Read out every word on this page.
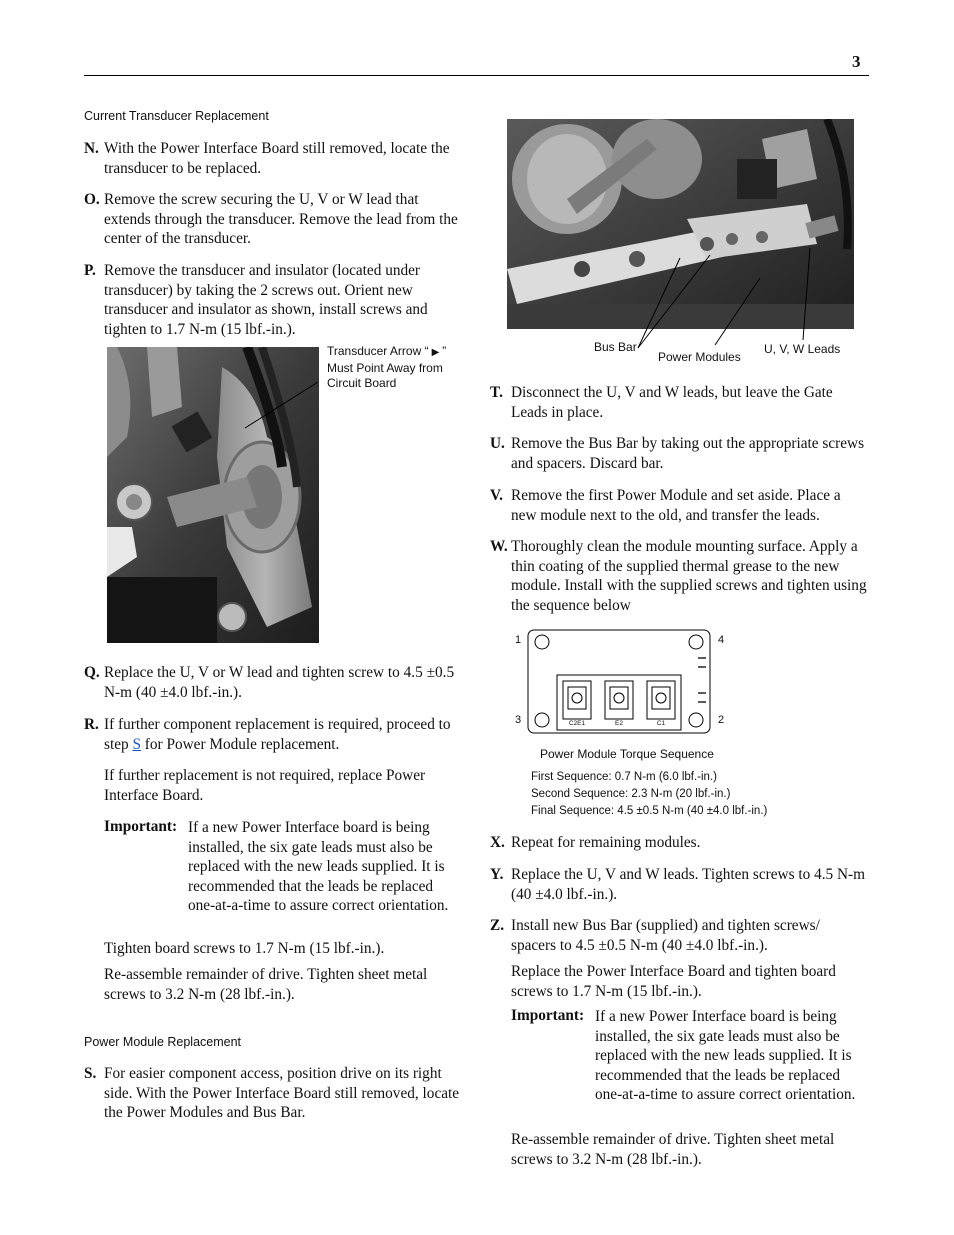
3
Current Transducer Replacement
N. With the Power Interface Board still removed, locate the transducer to be replaced.
O. Remove the screw securing the U, V or W lead that extends through the transducer. Remove the lead from the center of the transducer.
P. Remove the transducer and insulator (located under transducer) by taking the 2 screws out. Orient new transducer and insulator as shown, install screws and tighten to 1.7 N-m (15 lbf.-in.).
Transducer Arrow “ ▶ ”
Must Point Away from
Circuit Board
Q. Replace the U, V or W lead and tighten screw to 4.5 ±0.5 N-m (40 ±4.0 lbf.-in.).
R. If further component replacement is required, proceed to step S for Power Module replacement.
If further replacement is not required, replace Power Interface Board.
Important: If a new Power Interface board is being installed, the six gate leads must also be replaced with the new leads supplied. It is recommended that the leads be replaced one-at-a-time to assure correct orientation.
Tighten board screws to 1.7 N-m (15 lbf.-in.).
Re-assemble remainder of drive. Tighten sheet metal screws to 3.2 N-m (28 lbf.-in.).
Power Module Replacement
S. For easier component access, position drive on its right side. With the Power Interface Board still removed, locate the Power Modules and Bus Bar.
Bus Bar
Power Modules
U, V, W Leads
T. Disconnect the U, V and W leads, but leave the Gate Leads in place.
U. Remove the Bus Bar by taking out the appropriate screws and spacers. Discard bar.
V. Remove the first Power Module and set aside. Place a new module next to the old, and transfer the leads.
W. Thoroughly clean the module mounting surface. Apply a thin coating of the supplied thermal grease to the new module. Install with the supplied screws and tighten using the sequence below
1	4
3	2
C2E1	E2	C1
Power Module Torque Sequence
First Sequence: 0.7 N-m (6.0 lbf.-in.)
Second Sequence: 2.3 N-m (20 lbf.-in.)
Final Sequence: 4.5 ±0.5 N-m (40 ±4.0 lbf.-in.)
X. Repeat for remaining modules.
Y. Replace the U, V and W leads. Tighten screws to 4.5 N-m (40 ±4.0 lbf.-in.).
Z. Install new Bus Bar (supplied) and tighten screws/ spacers to 4.5 ±0.5 N-m (40 ±4.0 lbf.-in.).
Replace the Power Interface Board and tighten board screws to 1.7 N-m (15 lbf.-in.).
Important: If a new Power Interface board is being installed, the six gate leads must also be replaced with the new leads supplied. It is recommended that the leads be replaced one-at-a-time to assure correct orientation.
Re-assemble remainder of drive. Tighten sheet metal screws to 3.2 N-m (28 lbf.-in.).
